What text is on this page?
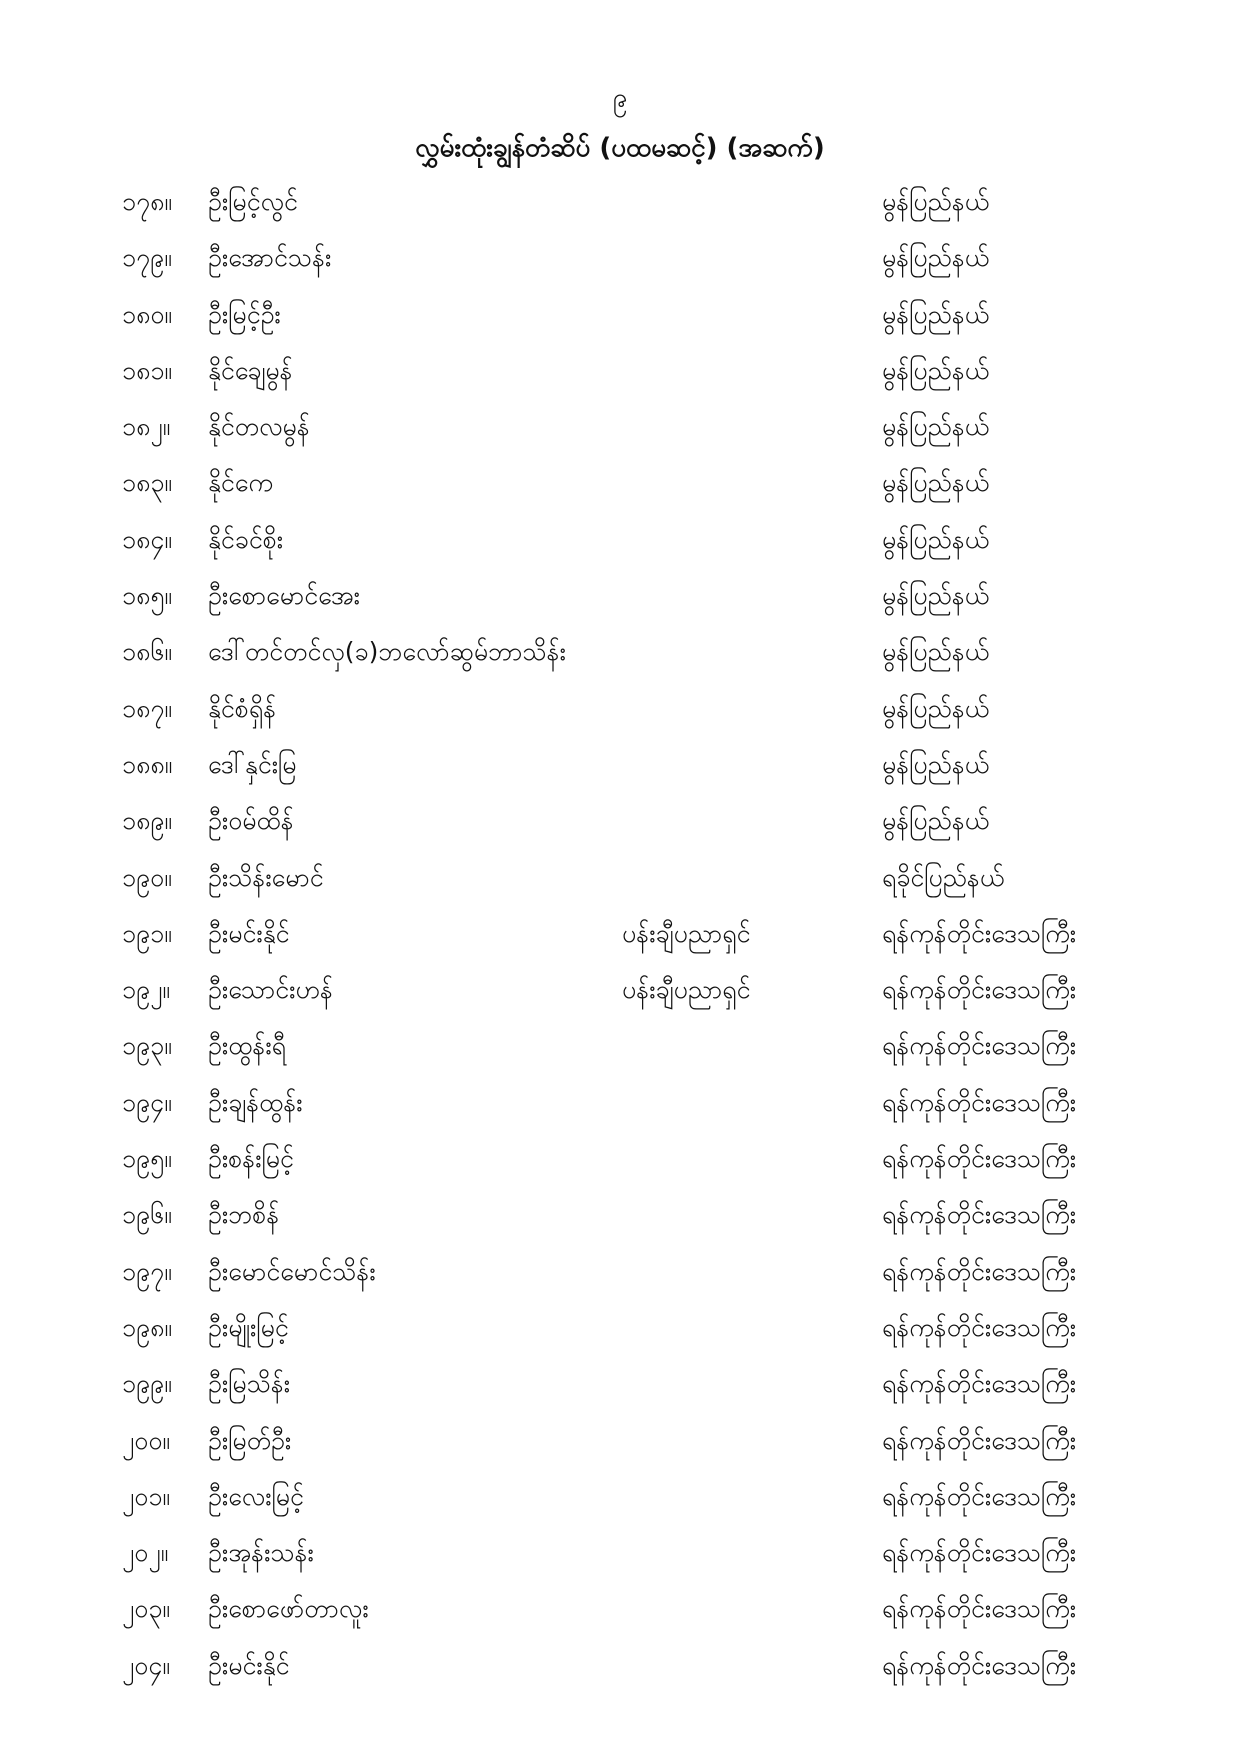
၉
လွှမ်းထုံးချွန်တံဆိပ် (ပထမဆင့်) (အဆက်)
၁၇၈။ ဦးမြင့်လွင်	မွန်ပြည်နယ်
၁၇၉။ ဦးအောင်သန်း	မွန်ပြည်နယ်
၁၈၀။ ဦးမြင့်ဦး	မွန်ပြည်နယ်
၁၈၁။ နိုင်ချေမွန်	မွန်ပြည်နယ်
၁၈၂။ နိုင်တလမွန်	မွန်ပြည်နယ်
၁၈၃။ နိုင်ကေ	မွန်ပြည်နယ်
၁၈၄။ နိုင်ခင်စိုး	မွန်ပြည်နယ်
၁၈၅။ ဦးစောမောင်အေး	မွန်ပြည်နယ်
၁၈၆။ ဒေါ်တင်တင်လှ(ခ)ဘလော်ဆွမ်ဘာသိန်း	မွန်ပြည်နယ်
၁၈၇။ နိုင်စံရှိန်	မွန်ပြည်နယ်
၁၈၈။ ဒေါ်နှင်းမြ	မွန်ပြည်နယ်
၁၈၉။ ဦးဝမ်ထိန်	မွန်ပြည်နယ်
၁၉၀။ ဦးသိန်းမောင်	ရခိုင်ပြည်နယ်
၁၉၁။ ဦးမင်းနိုင်	ပန်းချီပညာရှင်	ရန်ကုန်တိုင်းဒေသကြီး
၁၉၂။ ဦးသောင်းဟန်	ပန်းချီပညာရှင်	ရန်ကုန်တိုင်းဒေသကြီး
၁၉၃။ ဦးထွန်းရီ	ရန်ကုန်တိုင်းဒေသကြီး
၁၉၄။ ဦးချန်ထွန်း	ရန်ကုန်တိုင်းဒေသကြီး
၁၉၅။ ဦးစန်းမြင့်	ရန်ကုန်တိုင်းဒေသကြီး
၁၉၆။ ဦးဘစိန်	ရန်ကုန်တိုင်းဒေသကြီး
၁၉၇။ ဦးမောင်မောင်သိန်း	ရန်ကုန်တိုင်းဒေသကြီး
၁၉၈။ ဦးမျိုးမြင့်	ရန်ကုန်တိုင်းဒေသကြီး
၁၉၉။ ဦးမြသိန်း	ရန်ကုန်တိုင်းဒေသကြီး
၂၀၀။ ဦးမြတ်ဦး	ရန်ကုန်တိုင်းဒေသကြီး
၂၀၁။ ဦးလေးမြင့်	ရန်ကုန်တိုင်းဒေသကြီး
၂၀၂။ ဦးအုန်းသန်း	ရန်ကုန်တိုင်းဒေသကြီး
၂၀၃။ ဦးစောဖော်တာလူး	ရန်ကုန်တိုင်းဒေသကြီး
၂၀၄။ ဦးမင်းနိုင်	ရန်ကုန်တိုင်းဒေသကြီး
